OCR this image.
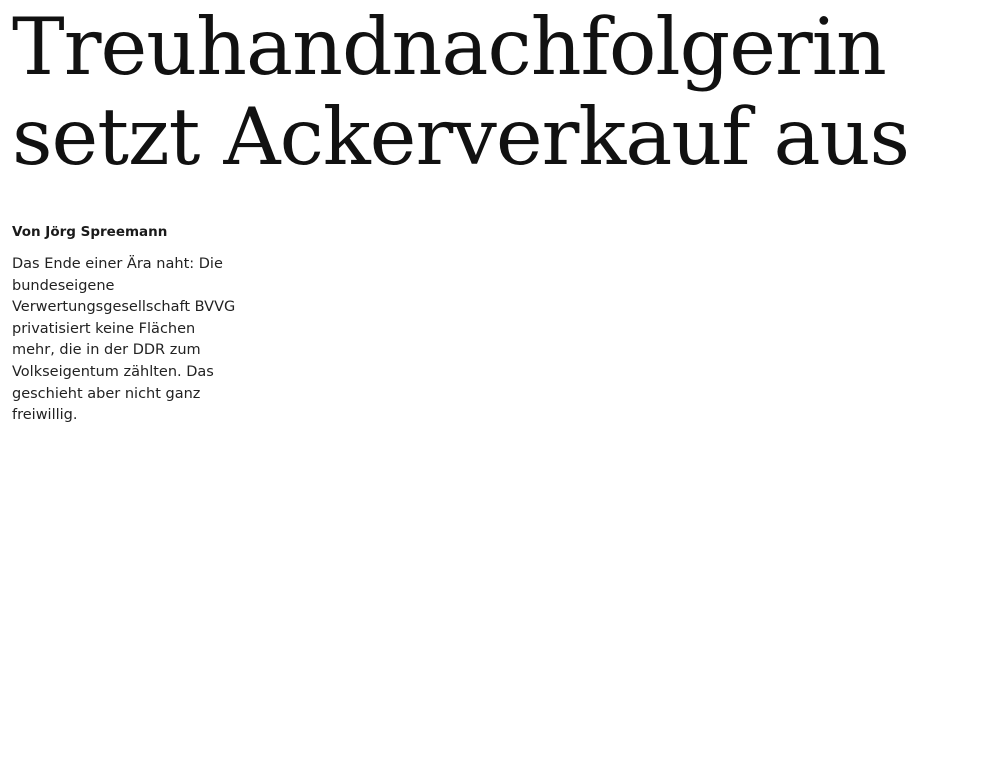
Treuhandnachfolgerin
setzt Ackerverkauf aus
Von Jörg Spreemann
Das Ende einer Ära naht: Die bundeseigene Verwertungsgesellschaft BVVG privatisiert keine Flächen mehr, die in der DDR zum Volkseigentum zählten. Das geschieht aber nicht ganz freiwillig.
